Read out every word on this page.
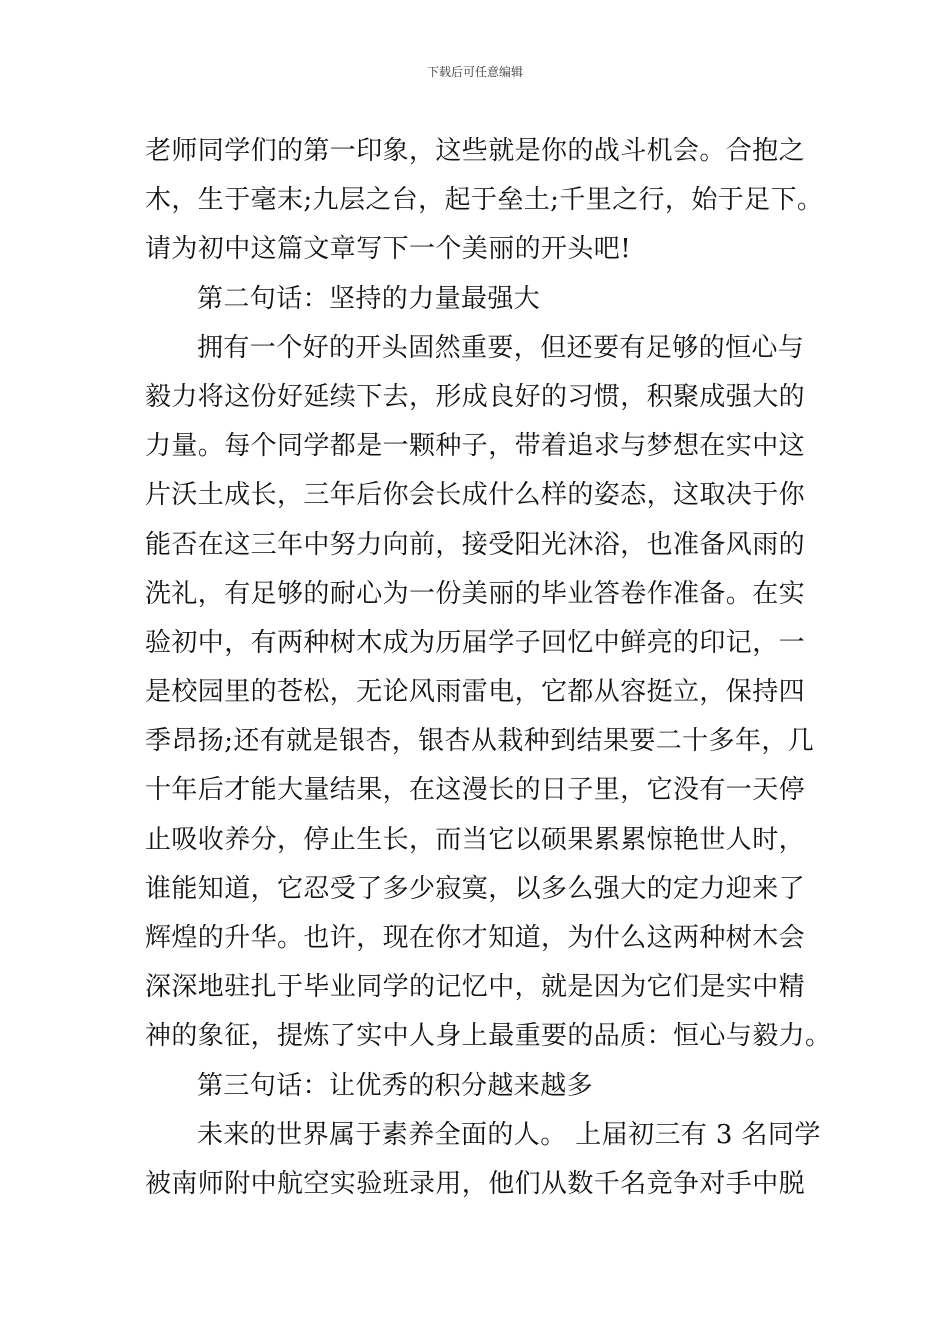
下载后可任意编辑
老师同学们的第一印象，这些就是你的战斗机会。合抱之
木，生于毫末;九层之台，起于垒土;千里之行，始于足下。
请为初中这篇文章写下一个美丽的开头吧!
第二句话：坚持的力量最强大
拥有一个好的开头固然重要，但还要有足够的恒心与
毅力将这份好延续下去，形成良好的习惯，积聚成强大的
力量。每个同学都是一颗种子，带着追求与梦想在实中这
片沃土成长，三年后你会长成什么样的姿态，这取决于你
能否在这三年中努力向前，接受阳光沐浴，也准备风雨的
洗礼，有足够的耐心为一份美丽的毕业答卷作准备。在实
验初中，有两种树木成为历届学子回忆中鲜亮的印记，一
是校园里的苍松，无论风雨雷电，它都从容挺立，保持四
季昂扬;还有就是银杏，银杏从栽种到结果要二十多年，几
十年后才能大量结果，在这漫长的日子里，它没有一天停
止吸收养分，停止生长，而当它以硕果累累惊艳世人时，
谁能知道，它忍受了多少寂寞，以多么强大的定力迎来了
辉煌的升华。也许，现在你才知道，为什么这两种树木会
深深地驻扎于毕业同学的记忆中，就是因为它们是实中精
神的象征，提炼了实中人身上最重要的品质：恒心与毅力。
第三句话：让优秀的积分越来越多
未来的世界属于素养全面的人。 上届初三有 3 名同学
被南师附中航空实验班录用，他们从数千名竞争对手中脱
